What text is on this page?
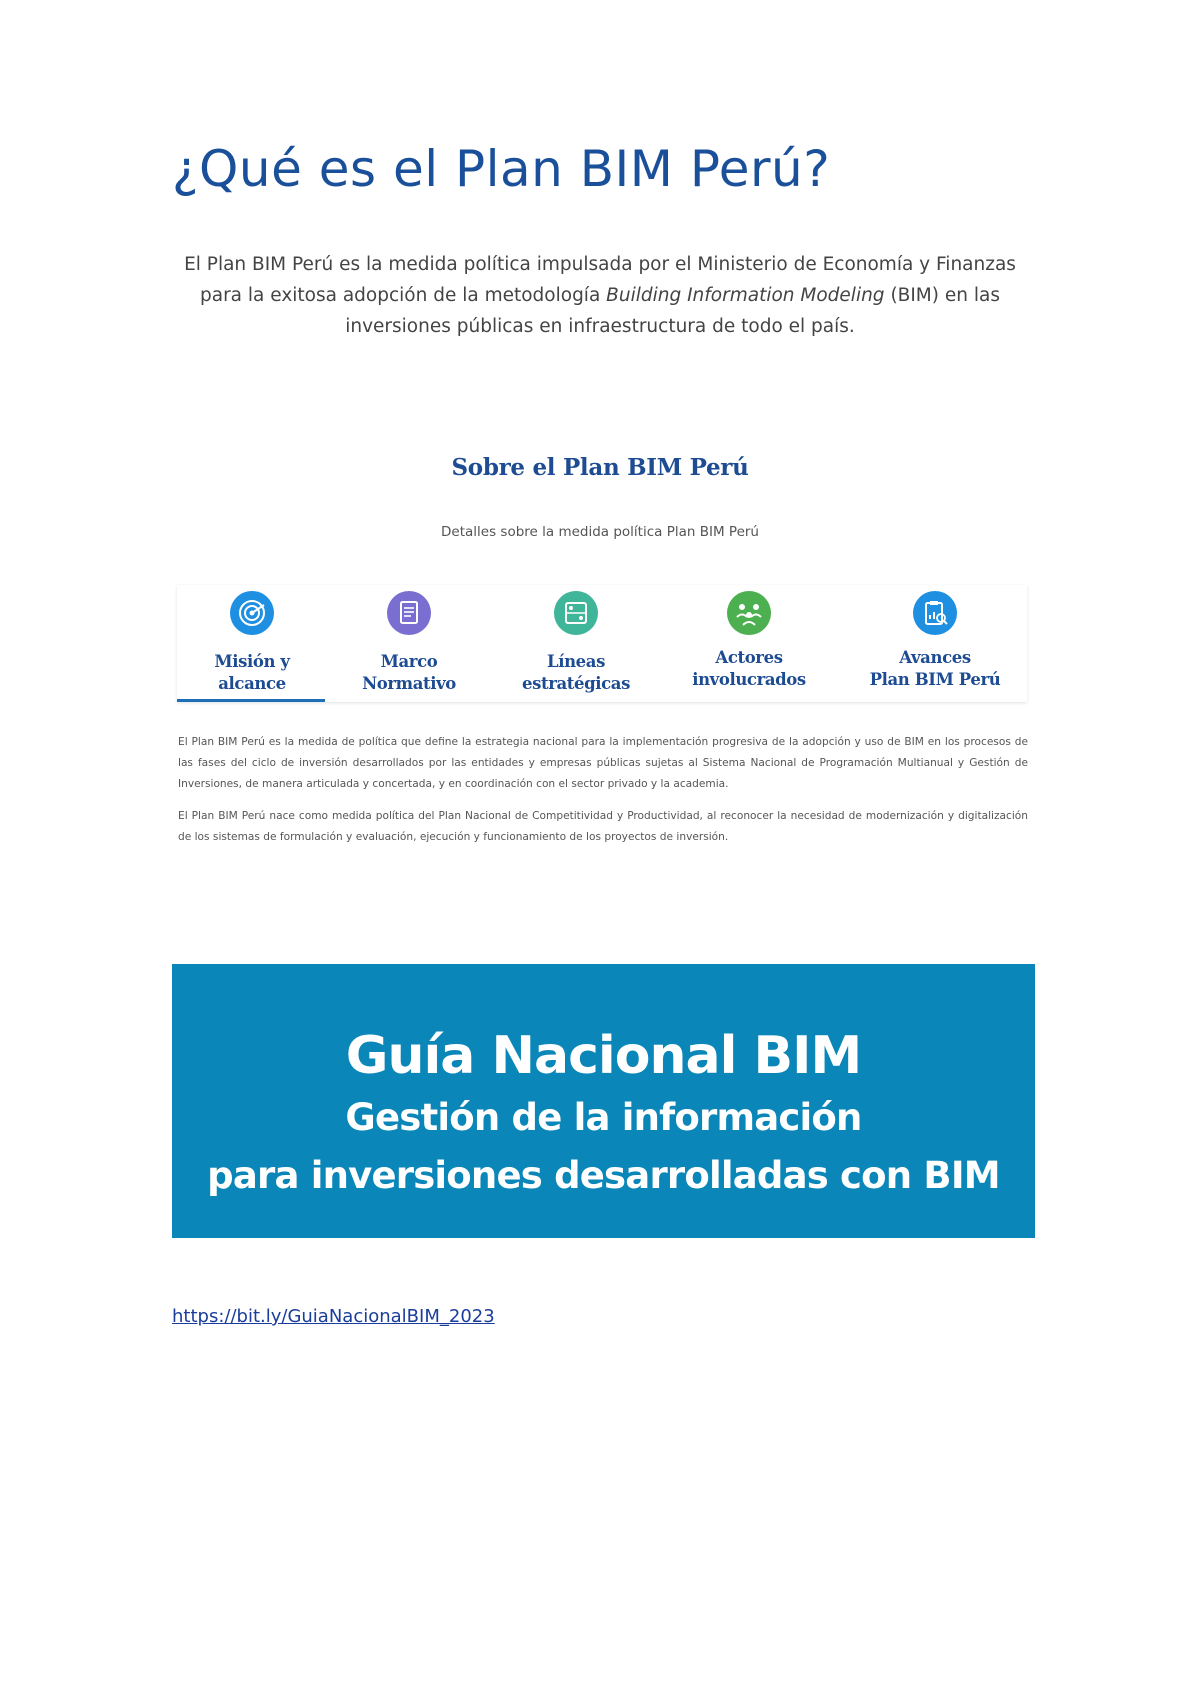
¿Qué es el Plan BIM Perú?

El Plan BIM Perú es la medida política impulsada por el Ministerio de Economía y Finanzas
para la exitosa adopción de la metodología Building Information Modeling (BIM) en las
inversiones públicas en infraestructura de todo el país.

Sobre el Plan BIM Perú
Detalles sobre la medida política Plan BIM Perú
Misión y
alcance
Marco
Normativo
Líneas
estratégicas
Actores
involucrados
Avances
Plan BIM Perú

El Plan BIM Perú es la medida de política que define la estrategia nacional para la implementación progresiva de la adopción y uso de BIM en los procesos de las fases del ciclo de inversión desarrollados por las entidades y empresas públicas sujetas al Sistema Nacional de Programación Multianual y Gestión de Inversiones, de manera articulada y concertada, y en coordinación con el sector privado y la academia.

El Plan BIM Perú nace como medida política del Plan Nacional de Competitividad y Productividad, al reconocer la necesidad de modernización y digitalización de los sistemas de formulación y evaluación, ejecución y funcionamiento de los proyectos de inversión.

Guía Nacional BIM
Gestión de la información
para inversiones desarrolladas con BIM
https://bit.ly/GuiaNacionalBIM_2023
